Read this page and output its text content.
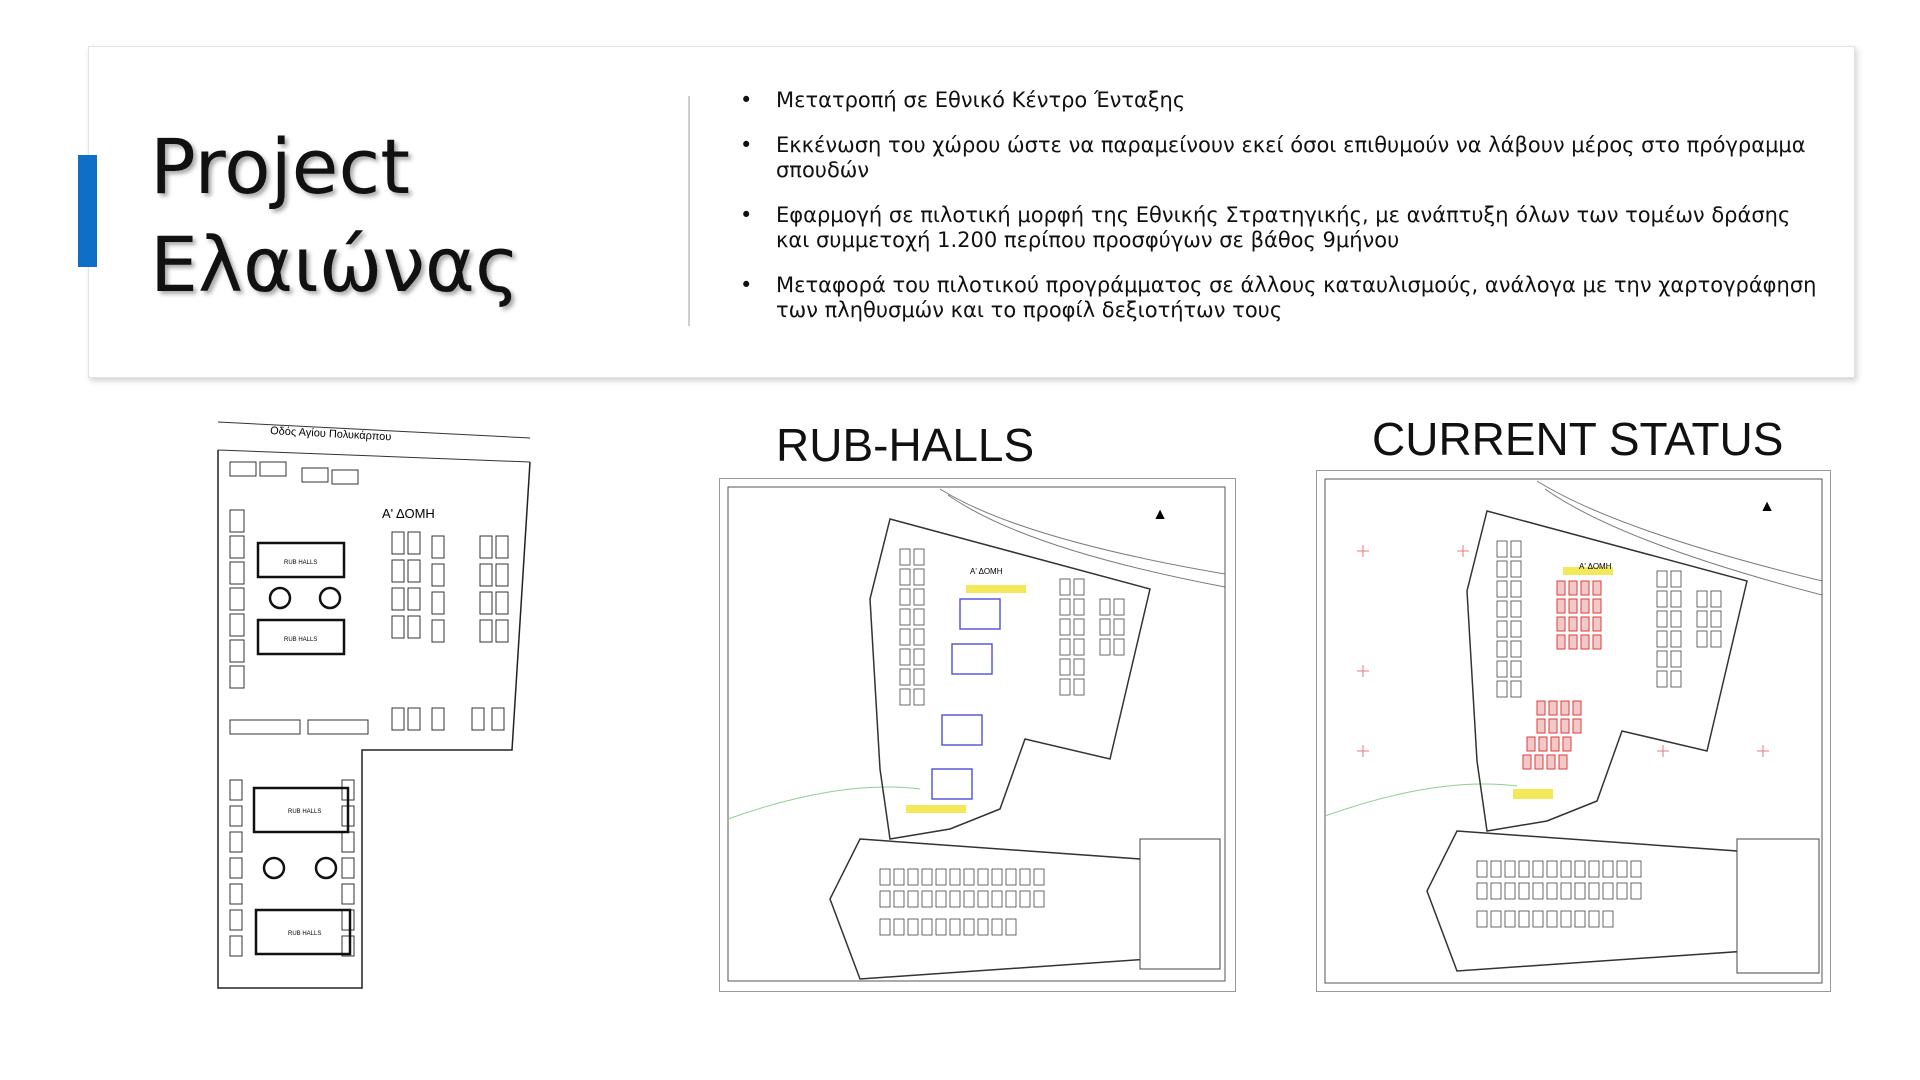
Project
Ελαιώνας
• Μετατροπή σε Εθνικό Κέντρο Ένταξης
• Εκκένωση του χώρου ώστε να παραμείνουν εκεί όσοι επιθυμούν να λάβουν μέρος στο πρόγραμμα σπουδών
• Εφαρμογή σε πιλοτική μορφή της Εθνικής Στρατηγικής, με ανάπτυξη όλων των τομέων δράσης και συμμετοχή 1.200 περίπου προσφύγων σε βάθος 9μήνου
• Μεταφορά του πιλοτικού προγράμματος σε άλλους καταυλισμούς, ανάλογα με την χαρτογράφηση των πληθυσμών και το προφίλ δεξιοτήτων τους
Οδός Αγίου Πολυκάρπου
Α' ΔΟΜΗ
RUB HALLS
RUB HALLS
RUB HALLS
RUB HALLS
RUB-HALLS
Α' ΔΟΜΗ
▲
CURRENT STATUS
Α' ΔΟΜΗ
▲
